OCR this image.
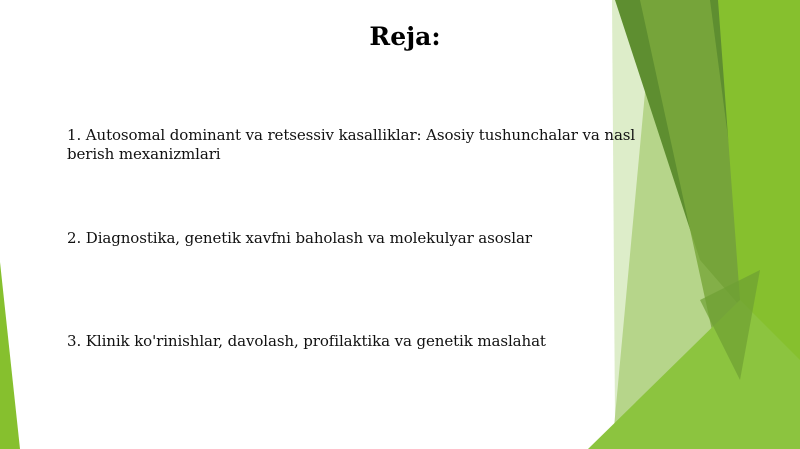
Reja:
1. Autosomal dominant va retsessiv kasalliklar: Asosiy tushunchalar va nasl berish mexanizmlari
2. Diagnostika, genetik xavfni baholash va molekulyar asoslar
3. Klinik ko'rinishlar, davolash, profilaktika va genetik maslahat
